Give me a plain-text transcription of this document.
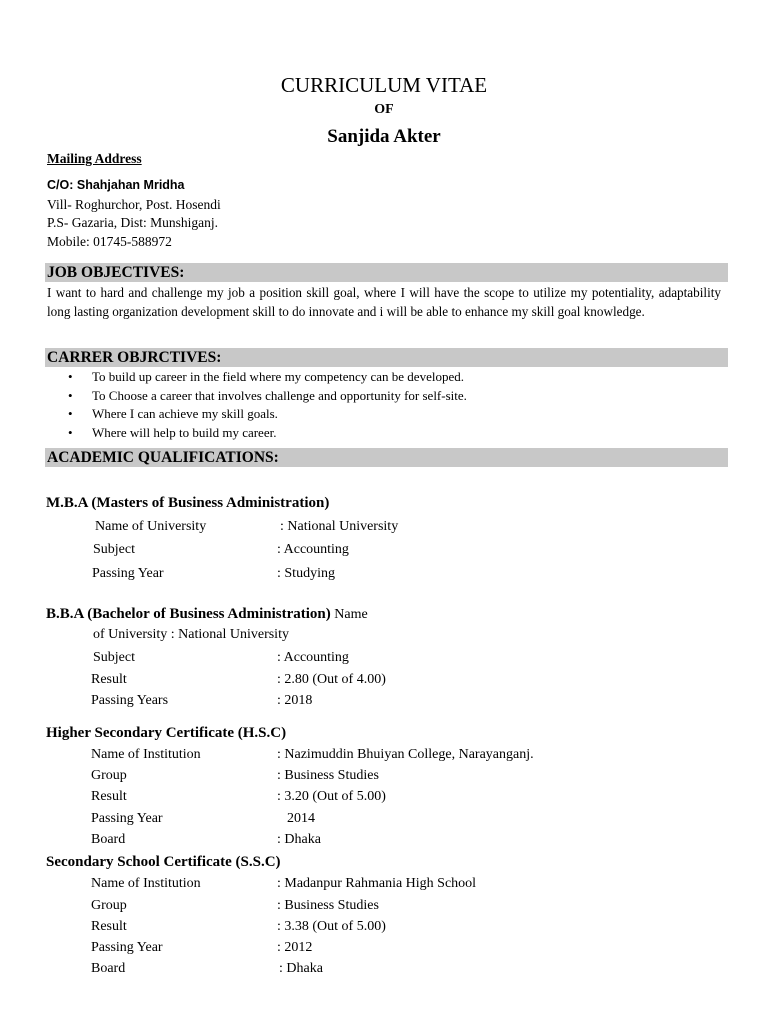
CURRICULUM VITAE
OF
Sanjida Akter
Mailing Address
C/O: Shahjahan Mridha
Vill- Roghurchor, Post. Hosendi
P.S- Gazaria, Dist: Munshiganj.
Mobile: 01745-588972
JOB OBJECTIVES:
I want to hard and challenge my job a position skill goal, where I will have the scope to utilize my potentiality, adaptability long lasting organization development skill to do innovate and i will be able to enhance my skill goal knowledge.
CARRER OBJRCTIVES:
• To build up career in the field where my competency can be developed.
• To Choose a career that involves challenge and opportunity for self-site.
• Where I can achieve my skill goals.
• Where will help to build my career.
ACADEMIC QUALIFICATIONS:
M.B.A (Masters of Business Administration)
Name of University	: National University
Subject	: Accounting
Passing Year	: Studying
B.B.A (Bachelor of Business Administration) Name
of University : National University
Subject	: Accounting
Result	: 2.80 (Out of 4.00)
Passing Years	: 2018
Higher Secondary Certificate (H.S.C)
Name of Institution	: Nazimuddin Bhuiyan College, Narayanganj.
Group	: Business Studies
Result	: 3.20 (Out of 5.00)
Passing Year	2014
Board	: Dhaka
Secondary School Certificate (S.S.C)
Name of Institution	: Madanpur Rahmania High School
Group	: Business Studies
Result	: 3.38 (Out of 5.00)
Passing Year	: 2012
Board	: Dhaka
